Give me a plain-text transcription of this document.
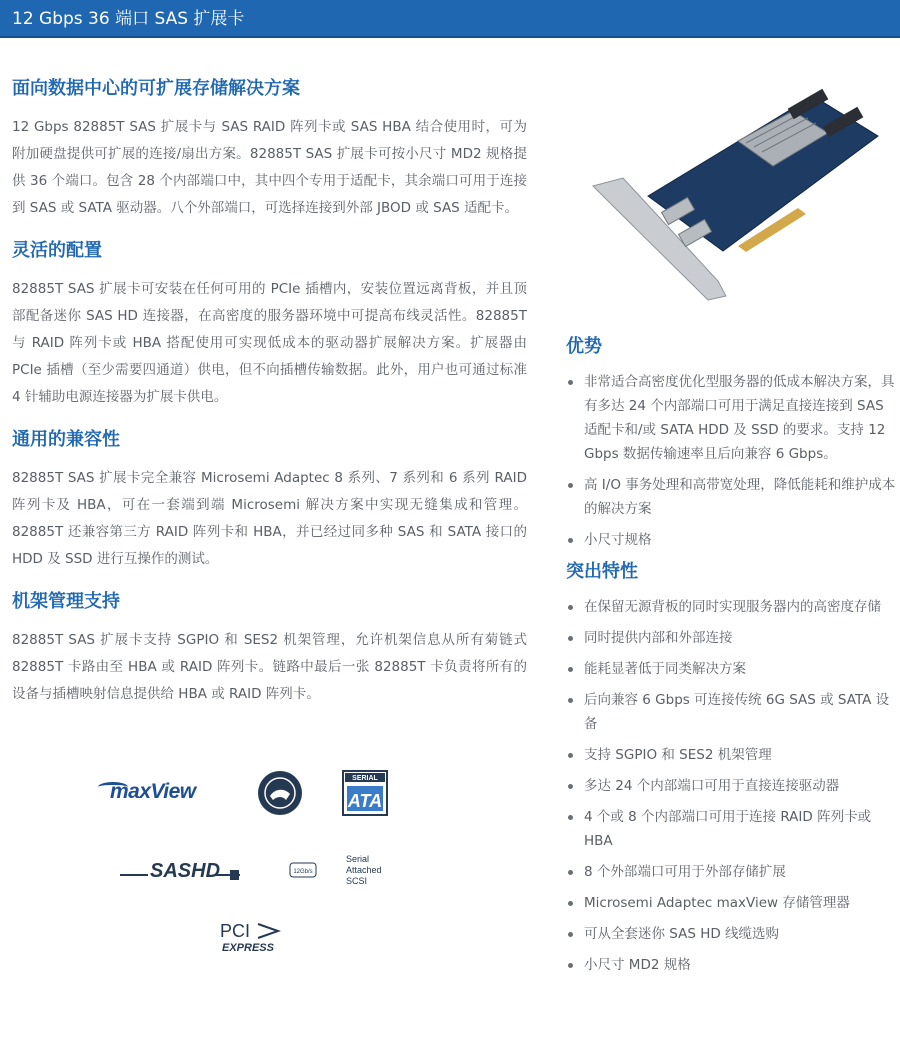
12 Gbps 36 端口 SAS 扩展卡
面向数据中心的可扩展存储解决方案

12 Gbps 82885T SAS 扩展卡与 SAS RAID 阵列卡或 SAS HBA 结合使用时，可为附加硬盘提供可扩展的连接/扇出方案。82885T SAS 扩展卡可按小尺寸 MD2 规格提供 36 个端口。包含 28 个内部端口中，其中四个专用于适配卡，其余端口可用于连接到 SAS 或 SATA 驱动器。八个外部端口，可选择连接到外部 JBOD 或 SAS 适配卡。

灵活的配置

82885T SAS 扩展卡可安装在任何可用的 PCIe 插槽内，安装位置远离背板，并且顶部配备迷你 SAS HD 连接器，在高密度的服务器环境中可提高布线灵活性。82885T 与 RAID 阵列卡或 HBA 搭配使用可实现低成本的驱动器扩展解决方案。扩展器由 PCIe 插槽（至少需要四通道）供电，但不向插槽传输数据。此外，用户也可通过标准 4 针辅助电源连接器为扩展卡供电。

通用的兼容性

82885T SAS 扩展卡完全兼容 Microsemi Adaptec 8 系列、7 系列和 6 系列 RAID 阵列卡及 HBA，可在一套端到端 Microsemi 解决方案中实现无缝集成和管理。82885T 还兼容第三方 RAID 阵列卡和 HBA，并已经过同多种 SAS 和 SATA 接口的 HDD 及 SSD 进行互操作的测试。

机架管理支持

82885T SAS 扩展卡支持 SGPIO 和 SES2 机架管理，允许机架信息从所有菊链式 82885T 卡路由至 HBA 或 RAID 阵列卡。链路中最后一张 82885T 卡负责将所有的设备与插槽映射信息提供给 HBA 或 RAID 阵列卡。

优势
非常适合高密度优化型服务器的低成本解决方案，具有多达 24 个内部端口可用于满足直接连接到 SAS 适配卡和/或 SATA HDD 及 SSD 的要求。支持 12 Gbps 数据传输速率且后向兼容 6 Gbps。
高 I/O 事务处理和高带宽处理，降低能耗和维护成本的解决方案
小尺寸规格
突出特性
在保留无源背板的同时实现服务器内的高密度存储
同时提供内部和外部连接
能耗显著低于同类解决方案
后向兼容 6 Gbps 可连接传统 6G SAS 或 SATA 设备
支持 SGPIO 和 SES2 机架管理
多达 24 个内部端口可用于直接连接驱动器
4 个或 8 个内部端口可用于连接 RAID 阵列卡或 HBA
8 个外部端口可用于外部存储扩展
Microsemi Adaptec maxView 存储管理器
可从全套迷你 SAS HD 线缆选购
小尺寸 MD2 规格
maxView
SERIAL
ATA
SASHD	12Gb/s
Serial
Attached
SCSI
PCI
EXPRESS
